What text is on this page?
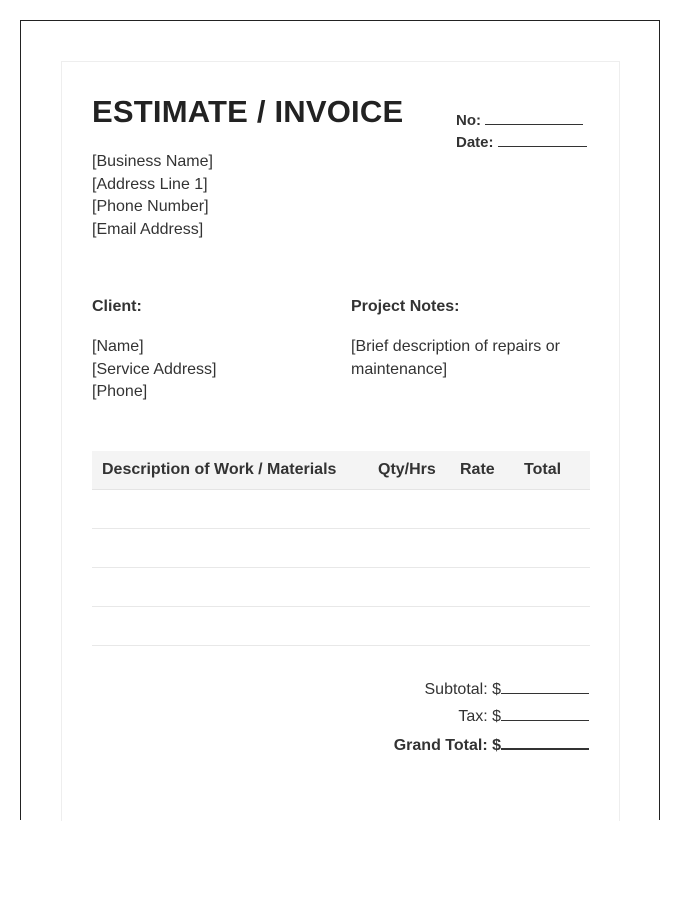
ESTIMATE / INVOICE	No:
Date:
[Business Name]
[Address Line 1]
[Phone Number]
[Email Address]
Client:	Project Notes:
[Name]
[Service Address]
[Phone]
[Brief description of repairs or maintenance]
Description of Work / Materials	Qty/Hrs	Rate	Total

Subtotal: $
Tax: $
Grand Total: $
